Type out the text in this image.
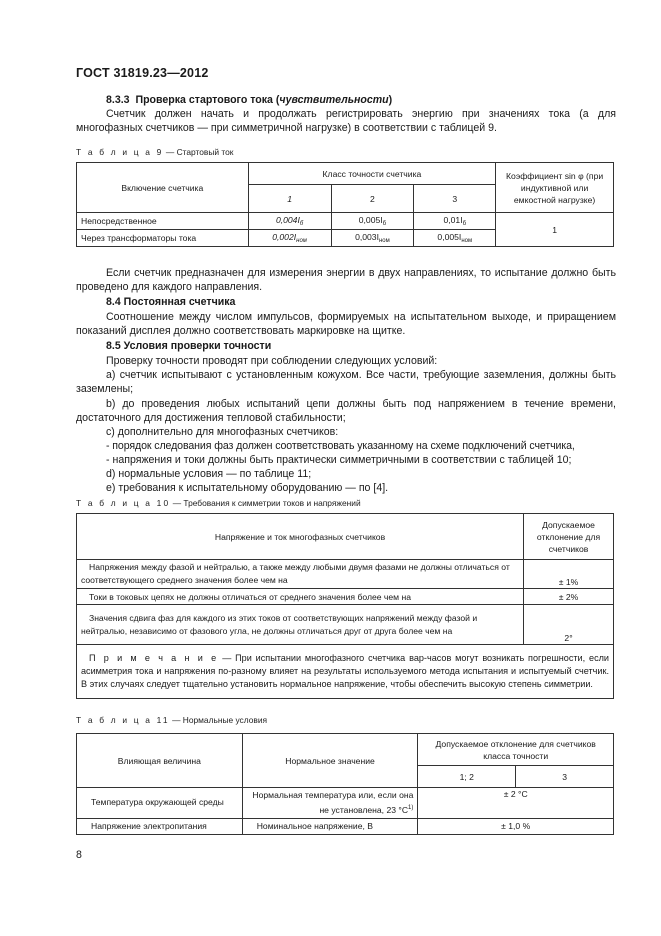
ГОСТ 31819.23—2012
8.3.3 Проверка стартового тока (чувствительности)
Счетчик должен начать и продолжать регистрировать энергию при значениях тока (а для многофазных счетчиков — при симметричной нагрузке) в соответствии с таблицей 9.
Т а б л и ц а 9 — Стартовый ток
Включение счетчика	Класс точности счетчика			Коэффициент sin φ (при индуктивной или емкостной нагрузке)
	1	2	3	
Непосредственное	$0,004I_б$	$0,005I_б$	$0,01I_б$	1
Через трансформаторы тока	$0,002I_{ном}$	$0,003I_{ном}$	$0,005I_{ном}$
Если счетчик предназначен для измерения энергии в двух направлениях, то испытание должно быть проведено для каждого направления.
8.4 Постоянная счетчика
Соотношение между числом импульсов, формируемых на испытательном выходе, и приращением показаний дисплея должно соответствовать маркировке на щитке.
8.5 Условия проверки точности
Проверку точности проводят при соблюдении следующих условий:
а) счетчик испытывают с установленным кожухом. Все части, требующие заземления, должны быть заземлены;
b) до проведения любых испытаний цепи должны быть под напряжением в течение времени, достаточного для достижения тепловой стабильности;
c) дополнительно для многофазных счетчиков:
- порядок следования фаз должен соответствовать указанному на схеме подключений счетчика,
- напряжения и токи должны быть практически симметричными в соответствии с таблицей 10;
d) нормальные условия — по таблице 11;
e) требования к испытательному оборудованию — по [4].
Т а б л и ц а 10 — Требования к симметрии токов и напряжений
Напряжение и ток многофазных счетчиков	Допускаемое отклонение для счетчиков
Напряжения между фазой и нейтралью, а также между любыми двумя фазами не должны отличаться от соответствующего среднего значения более чем на	± 1%
Токи в токовых цепях не должны отличаться от среднего значения более чем на	± 2%
Значения сдвига фаз для каждого из этих токов от соответствующих напряжений между фазой и нейтралью, независимо от фазового угла, не должны отличаться друг от друга более чем на	2°
П р и м е ч а н и е — При испытании многофазного счетчика вар-часов могут возникать погрешности, если асимметрия тока и напряжения по-разному влияет на результаты используемого метода испытания и испытуемый счетчик. В этих случаях следует тщательно установить нормальное напряжение, чтобы обеспечить высокую степень симметрии.	
Т а б л и ц а 11 — Нормальные условия
Влияющая величина	Нормальное значение	Допускаемое отклонение для счетчиков класса точности	
		1; 2	3
Температура окружающей среды	Нормальная температура или, если она не установлена, 23 $^\circ С^{1)}$	± 2 °С	
Напряжение электропитания	Номинальное напряжение, В	± 1,0 %	
8
